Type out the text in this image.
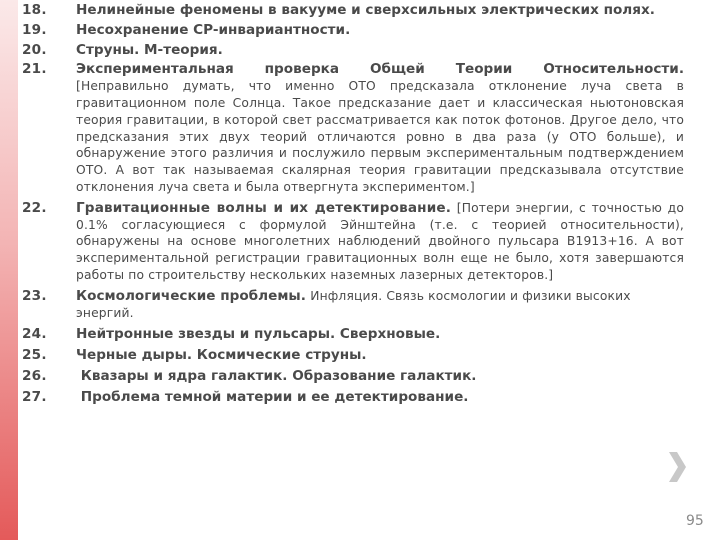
18.	Нелинейные феномены в вакууме и сверхсильных электрических полях.
19.	Несохранение CP-инвариантности.
20.	Струны. M-теория.
21.	Экспериментальная проверка Общей Теории Относительности.
[Неправильно думать, что именно ОТО предсказала отклонение луча света в гравитационном поле Солнца. Такое предсказание дает и классическая ньютоновская теория гравитации, в которой свет рассматривается как поток фотонов. Другое дело, что предсказания этих двух теорий отличаются ровно в два раза (у ОТО больше), и обнаружение этого различия и послужило первым экспериментальным подтверждением ОТО. А вот так называемая скалярная теория гравитации предсказывала отсутствие отклонения луча света и была отвергнута экспериментом.]
22.	Гравитационные волны и их детектирование. [Потери энергии, с точностью до 0.1% согласующиеся с формулой Эйнштейна (т.е. с теорией относительности), обнаружены на основе многолетних наблюдений двойного пульсара B1913+16. А вот экспериментальной регистрации гравитационных волн еще не было, хотя завершаются работы по строительству нескольких наземных лазерных детекторов.]
23.	Космологические проблемы. Инфляция. Связь космологии и физики высоких энергий.
24.	Нейтронные звезды и пульсары. Сверхновые.
25.	Черные дыры. Космические струны.
26.	Квазары и ядра галактик. Образование галактик.
27.	Проблема темной материи и ее детектирование.
95
